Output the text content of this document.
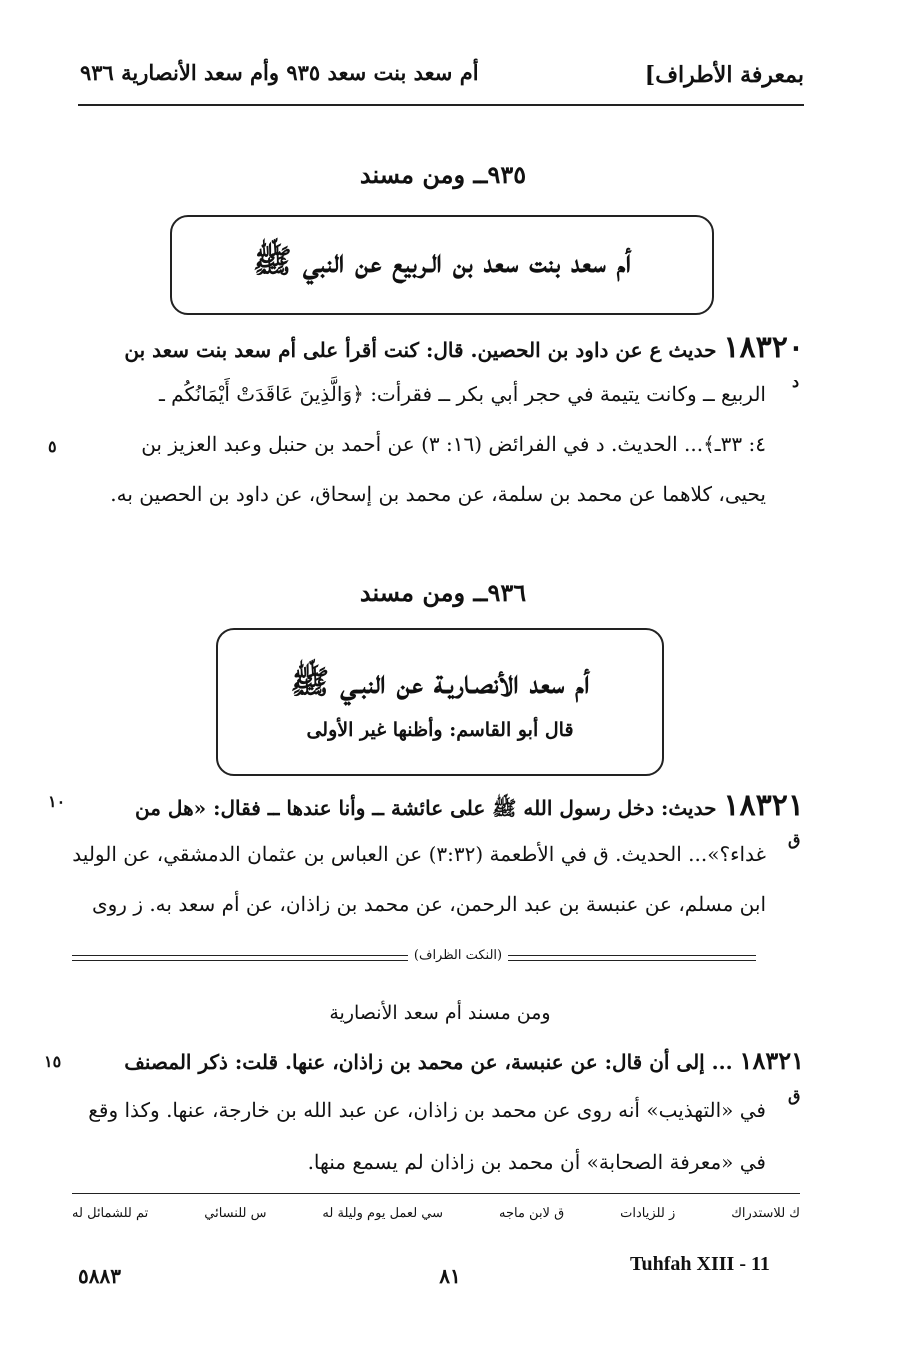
أم سعد بنت سعد ٩٣٥ وأم سعد الأنصارية ٩٣٦	بمعرفة الأطراف]
٩٣٥ــ ومن مسند
أم سعد بنت سعد بن الـربيع عن النبي ﷺ
١٨٣٢٠ حديث ع عن داود بن الحصين. قال: كنت أقرأ على أم سعد بنت سعد بن
الربيع ــ وكانت يتيمة في حجر أبي بكر ــ فقرأت: ﴿وَالَّذِينَ عَاقَدَتْ أَيْمَانُكُم ـ
٤: ٣٣ـ﴾... الحديث. د في الفرائض (١٦: ٣) عن أحمد بن حنبل وعبد العزيز بن
يحيى، كلاهما عن محمد بن سلمة، عن محمد بن إسحاق، عن داود بن الحصين به.
د
٥
٩٣٦ــ ومن مسند
أم سعد الأنصـاريـة عن النبـي ﷺ
قال أبو القاسم: وأظنها غير الأولى
١٨٣٢١ حديث: دخل رسول الله ﷺ على عائشة ــ وأنا عندها ــ فقال: «هل من
غداء؟»... الحديث. ق في الأطعمة (٣:٣٢) عن العباس بن عثمان الدمشقي، عن الوليد
ابن مسلم، عن عنبسة بن عبد الرحمن، عن محمد بن زاذان، عن أم سعد به. ز روى
١٠
ق
(النكت الظراف)
ومن مسند أم سعد الأنصارية
١٨٣٢١ ... إلى أن قال: عن عنبسة، عن محمد بن زاذان، عنها. قلت: ذكر المصنف
في «التهذيب» أنه روى عن محمد بن زاذان، عن عبد الله بن خارجة، عنها. وكذا وقع
في «معرفة الصحابة» أن محمد بن زاذان لم يسمع منها.
١٥
ق
تم للشمائل له	س للنسائي	سي لعمل يوم وليلة له	ق لابن ماجه	ز للزيادات	ك للاستدراك
٥٨٨٣	٨١	Tuhfah XIII - 11
